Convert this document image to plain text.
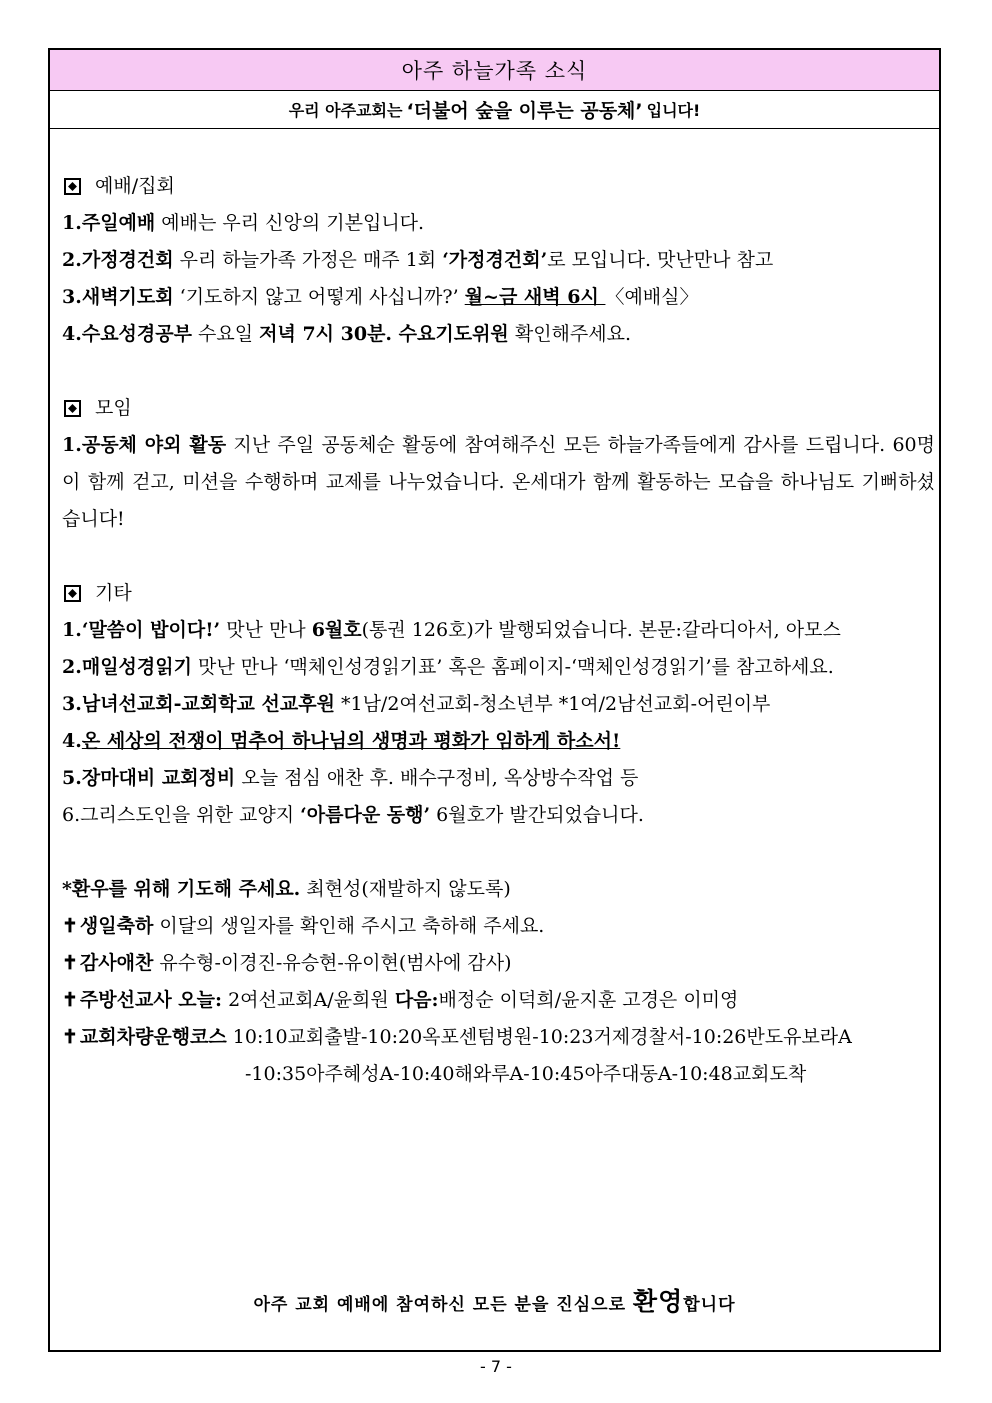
아주 하늘가족 소식
우리 아주교회는 ‘더불어 숲을 이루는 공동체’ 입니다!
예배/집회
1.주일예배 예배는 우리 신앙의 기본입니다.
2.가정경건회 우리 하늘가족 가정은 매주 1회 ‘가정경건회’로 모입니다. 맛난만나 참고
3.새벽기도회 ‘기도하지 않고 어떻게 사십니까?’ 월~금 새벽 6시 〈예배실〉
4.수요성경공부 수요일 저녁 7시 30분. 수요기도위원 확인해주세요.
모임
1.공동체 야외 활동 지난 주일 공동체순 활동에 참여해주신 모든 하늘가족들에게 감사를 드립니다. 60명이 함께 걷고, 미션을 수행하며 교제를 나누었습니다. 온세대가 함께 활동하는 모습을 하나님도 기뻐하셨습니다!
기타
1.‘말씀이 밥이다!’ 맛난 만나 6월호(통권 126호)가 발행되었습니다. 본문:갈라디아서, 아모스
2.매일성경읽기 맛난 만나 ‘맥체인성경읽기표’ 혹은 홈페이지-‘맥체인성경읽기’를 참고하세요.
3.남녀선교회-교회학교 선교후원 *1남/2여선교회-청소년부 *1여/2남선교회-어린이부
4.온 세상의 전쟁이 멈추어 하나님의 생명과 평화가 임하게 하소서!
5.장마대비 교회정비 오늘 점심 애찬 후. 배수구정비, 옥상방수작업 등
6.그리스도인을 위한 교양지 ‘아름다운 동행’ 6월호가 발간되었습니다.
*환우를 위해 기도해 주세요. 최현성(재발하지 않도록)
✝ 생일축하 이달의 생일자를 확인해 주시고 축하해 주세요.
✝ 감사애찬 유수형-이경진-유승현-유이현(범사에 감사)
✝ 주방선교사 오늘: 2여선교회A/윤희원 다음:배정순 이덕희/윤지훈 고경은 이미영
✝ 교회차량운행코스 10:10교회출발-10:20옥포센텀병원-10:23거제경찰서-10:26반도유보라A
-10:35아주혜성A-10:40해와루A-10:45아주대동A-10:48교회도착
아주 교회 예배에 참여하신 모든 분을 진심으로 환영합니다
- 7 -
